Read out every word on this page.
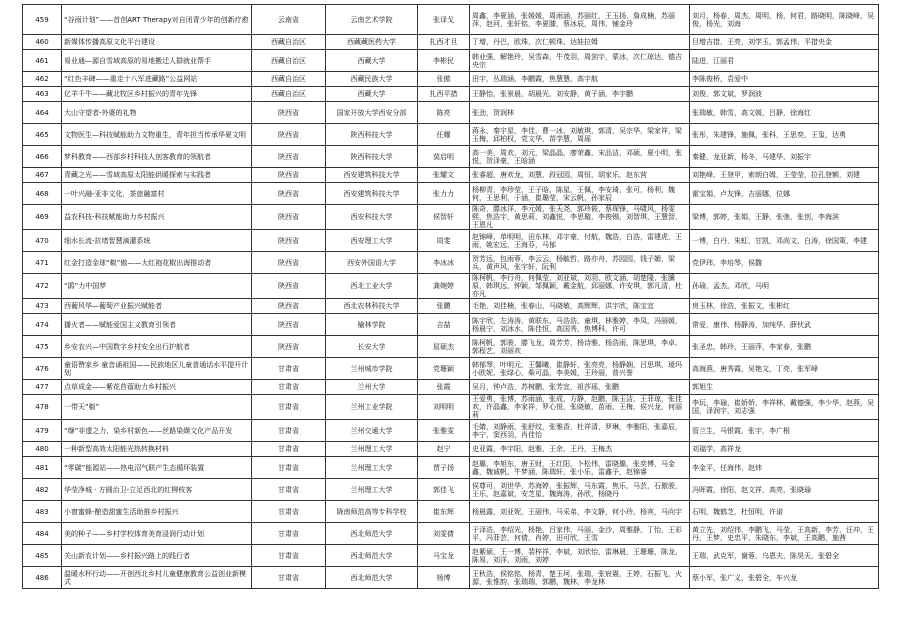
459	“谷雨计划”——首创ART Therapy对自闭青少年的创新疗愈	云南省	云南艺术学院	张译戈	周鑫，李夏涵，张媛媛，周雨涵，苏丽红，王玉扬，詹成楠，苏丽萍，赵河，张轩铭，李夏膝，蔡冰辰，周伟，铺金玲	刘月，杨春，周杰，周明，杨，何君，路晓明，陈晓峰，吴俊，杨光，刘海
460	新媒体传播高原文化平台建设	西藏自治区	西藏藏医药大学	扎西才旦	丁增，丹巴，欧珠，次仁顿珠，达娃拉姆	旦增吉措，王亮，刘学玉，郭孟伟，平措央金
461	易业通—源自雪域高原的易地搬迁人群就业帮手	西藏自治区	西藏大学	李彬民	韩业强，解艳玲，吴雪森，牛茂羽，周剑宇，蒙冰，次仁琼达，德吉央宗	陆进，江丽君
462	“红色丰碑——重走十八军进藏路”公益网站	西藏自治区	西藏民族大学	张傲	田宇，丛瑞涵，李鹏霞，焦慧慧，高宇航	李陈俊桥，袁爱中
463	亿羊千牛——藏北牧区乡村振兴的青年先锋	西藏自治区	西藏大学	扎西平措	王静怡，张景晨，胡晨光，刘安静，黄子涵，李宇鹏	刘俊，郭文斌，罗润波
464	大山守望者-外婆的礼物	陕西省	国家开放大学西安分部	陈亮	张劲，贺润林	张瑞敏，韩雪，高文媛，吕静，徐海红
465	文物医生—科技赋能助力文物重生，青年担当传承华夏文明	陕西省	陕西科技大学	任耀	蒋永，秦宇星，李佳，曹一冰，刘敏琪，郭清，吴宗华，梁家祥，梁玉梅，邱柏权，党文华，苗学慧，周瑶	张彤，朱建锋，施佩，张科，王思奕，王玺，达勇
466	梦科教育——西部乡村科技人创客教育的领航者	陕西省	陕西科技大学	莫启明	高一美，周欢，刘元，梁晶晶，廖荣鑫，宋品洁，邓硕，夏小明，张悦，贺泽豪，王晗涵	秦健，龙亚新，杨冬，马建华，刘振宇
467	青藏之光——雪域高原太阳能供暖探索与实践者	陕西省	西安建筑科技大学	张耀文	张睿超，唐欢龙，刘慧，段冠园，周恒，胡家乐，赵东营	刘艳峰，王登甲，索朗白姆，王莹莹，拉孔登额，刘建
468	一叶兴融-亚非文化，茶旅融富村	陕西省	西安建筑科技大学	张力力	杨柳青，李珍莹，王子晗，陈星，王佩，李安琦，张可，杨利，魏何，王思利，于涵，崔璐莹，宋云帆，孙家辰	霍宝娟，卢友锋，吉丽娜，位娜
469	益农科技-科技赋能助力乡村振兴	陕西省	西安科技大学	侯智轩	陈奇，滕冰洋，李元媛，张天尧，郭玲筱，蔡琛锋，马啸风，杨雯熙，焦浩宇，黄思莉，刘鑫悦，李思璇，李俊锡，刘智琪，王慧智，王恩凡	梁博，郭婷，张娟，王静，张弛，张创，李海滨
470	细水长流-抗堵智慧滴灌系统	陕西省	西安理工大学	周斐	赵锦峰，单明明，田东林，邓宇豪，付航，魏浩，白浩，雷建虎，王雨，姚宏远，王海芬，马郁	一博，白丹，朱虹，甘凯，邓尚文，白涛，徐国策，李建
471	红金打造金球“椒”傲——大红袍花椒出海推动者	陕西省	西安外国语大学	李冰冰	贺芳远，包雨蓉，李云云，杨毓哲，路亦舟，苏园园，钱子媚，梁兵，黄声风，张宇轩，阮利	党伊玮，李培琴，侯馥
472	“鹃”力中国梦	陕西省	西北工业大学	龚婉婷	陈柯帆，李行舟，何佩莹，刘亚斌，刘羽，欧文涵，胡楚隆，张騰原，韩琪远，钟颖，邹佩颖，戴金航，邱丽娜，许安琪，郭凡清，杜亦凡	孙瑜，孟杰，邓欣，马明
473	西葡风华—葡萄产业振兴赋能者	陕西省	西北农林科技大学	张鹏	毛艳，刘佳楠，张春山，马晓敏，高辉辉，洪宇欣，陈宝宜	房玉林，徐浩，张振文，张彬红
474	播火者——赋能爱国主义教育引领者	陕西省	榆林学院	吉喆	陈宇欣，左涛涛，黄联东，马浩浩，童琪，林雅婷，李凤，冯丽媛，杨晨宁，刘冰水，陈佳恒，高国秀，焦博科，许可	常爱，康伟，杨静涛，加纯华，薛伙武
475	乡安农兴—中国数字乡村安全出行护航者	陕西省	长安大学	屈硕杰	陈柯帆，郭骏，滕飞龙，周芳芳，杨诗雅，杨浩雨，陈思琪，李卓，郭程艺，刘丽欢	张圣忠，韩玲，王丽萍，李家春，张鹏
476	童语赞家乡 童音诵祖国——民族地区儿童普通话水平提升计划	甘肃省	兰州城市学院	党珊颖	韩郁琴，叶明元，王馨曦，崔静轩，张亮亮，杨静娴，吕思琪，瑷玛小欧妮，张绿心，柴可晶，李美媛，王玲丽，普兴誉	高海燕，唐秀霞，吴艳文，丁亮，张军峰
477	点草成金——紫花苜蓿助力乡村振兴	甘肃省	兰州大学	张霞	吴月，钟卢浩，苏树鹏，张芳宜，祖莎瑶，张鹏	郭旭生
478	一带天”椒”	甘肃省	兰州工业学院	刘明明	王爱勇，张博，苏雨涵，张成，方静，赵鹏，陈玉洁，王菲琼，张佳欢，许晶鑫，李家祥，罗心悦，张晓敏，苗雨，王梅，侯兴龙，何丽莉	李玩，李瑜，崔娇娇，李祥林，戴德强，李少华，赵燕，吴国，泽润宇，刘志强
479	“缬”非遗之力，染乡村新色——丝路染缬文化产品开发	甘肃省	兰州交通大学	张雅雯	毛婧，刘静雨，张舒纹，张雅香，杜祥清，罗琳，李雅阳，张嘉辰，李宁，窦西羽，肖佳怡	管兰生，马银霞，张宇，李广根
480	一种新型高效太阳能光热转换材料	甘肃省	兰州理工大学	赵宁	史亚霞，李宇阳，赵雅，王余，王丹，王梅杰	刘福学，高祥龙
481	“零碳”能源站——热电沼气联产生态循环装置	甘肃省	兰州理工大学	贾子扬	赵璐，李旭东，唐玉财，王红阳，卜松伟，雷晓璐，张奕博，马金鑫，魏诚帆，牛梦涵，陈瑞轩，张小乐，雷鑫予，赵锦睿	李金平，任海伟，赵炜
482	华莹净城 · 方圆治卫-立足西北的红柳枝客	甘肃省	兰州理工大学	郭佳飞	侯尊可，刘世华，苏海婷，张振辉，马东霞，焦乐，马芸，石傲骏，王乐，赵嘉斌，安芝星，魏海涛，孙欣，杨晓丹	冯晖霞，徐阳，赵文祥，高亮，张晓瑜
483	小窗蜜蜂-酿造甜蜜生活助推乡村振兴	甘肃省	陇南师范高等专科学校	崔东辉	杨晨露，刘亚妮，王丽伟，马采弟，李文静，何小玲，杨宾，马向宇	石明，魏鹤芝，杜恒明，许诺
484	美的种子——乡村学校体育美育浸润行动计划	甘肃省	西北师范大学	刘雯倩	于泽浩，李绍光，杨艳，吕家伟，马丽，金沙，周雅静，丁怡，王彩平，冯菲芸，何倩，肖婷，田可欣，王雪	黄立先，刘绍伟，李鹏飞，马莹，王高新，李芳，汪冲，王丹，王梦，史忠平，朱晓东，李斌，王高鹏，施茜
485	关山新农计划——乡村振兴路上的践行者	甘肃省	西北师范大学	马宝龙	赵紫硕，王一博，裴梓祥，李斌，刘欣怡，雷琳晨，王珊珊，陈龙，陈易，刘洋，刘雨，刘婷	王瑞，武克军，谢蓉，乌恩夫，陈昊天，张碧全
486	温暖水杯行动——开创西北乡村儿童健康教育公益创业新模式	甘肃省	西北师范大学	杨博	王秋浩，侯铭铭，杨青，楚玉珂，张瑞，张宸震，王婷，石振飞，火源，张惟韵，张瑞瑞，郭鹏，魏林，李龙林	蔡小军，张广义，张碧全，车兴龙
